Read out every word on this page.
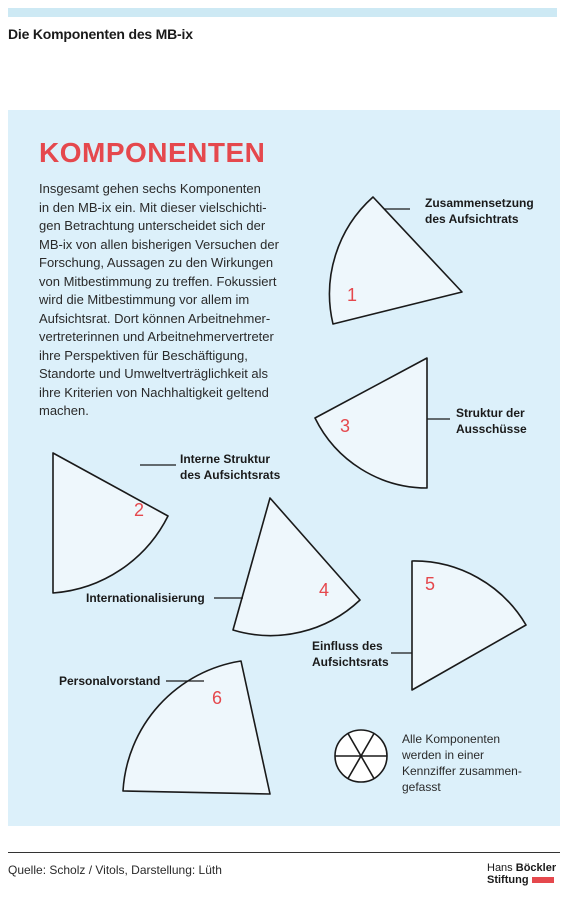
Die Komponenten des MB-ix
KOMPONENTEN

Insgesamt gehen sechs Komponenten
in den MB-ix ein. Mit dieser vielschichti-
gen Betrachtung unterscheidet sich der
MB-ix von allen bisherigen Versuchen der
Forschung, Aussagen zu den Wirkungen
von Mitbestimmung zu treffen. Fokussiert
wird die Mitbestimmung vor allem im
Aufsichtsrat. Dort können Arbeitnehmer-
vertreterinnen und Arbeitnehmervertreter
ihre Perspektiven für Beschäftigung,
Standorte und Umweltverträglichkeit als
ihre Kriterien von Nachhaltigkeit geltend
machen.

1
2
3
4	5
6
Zusammensetzung
des Aufsichtrats
Interne Struktur
des Aufsichtsrats
Struktur der
Ausschüsse
Internationalisierung
Einfluss des
Aufsichtsrats
Personalvorstand
Alle Komponenten
werden in einer
Kennziffer zusammen-
gefasst
Quelle: Scholz / Vitols, Darstellung: Lüth	Hans Böckler
Stiftung
